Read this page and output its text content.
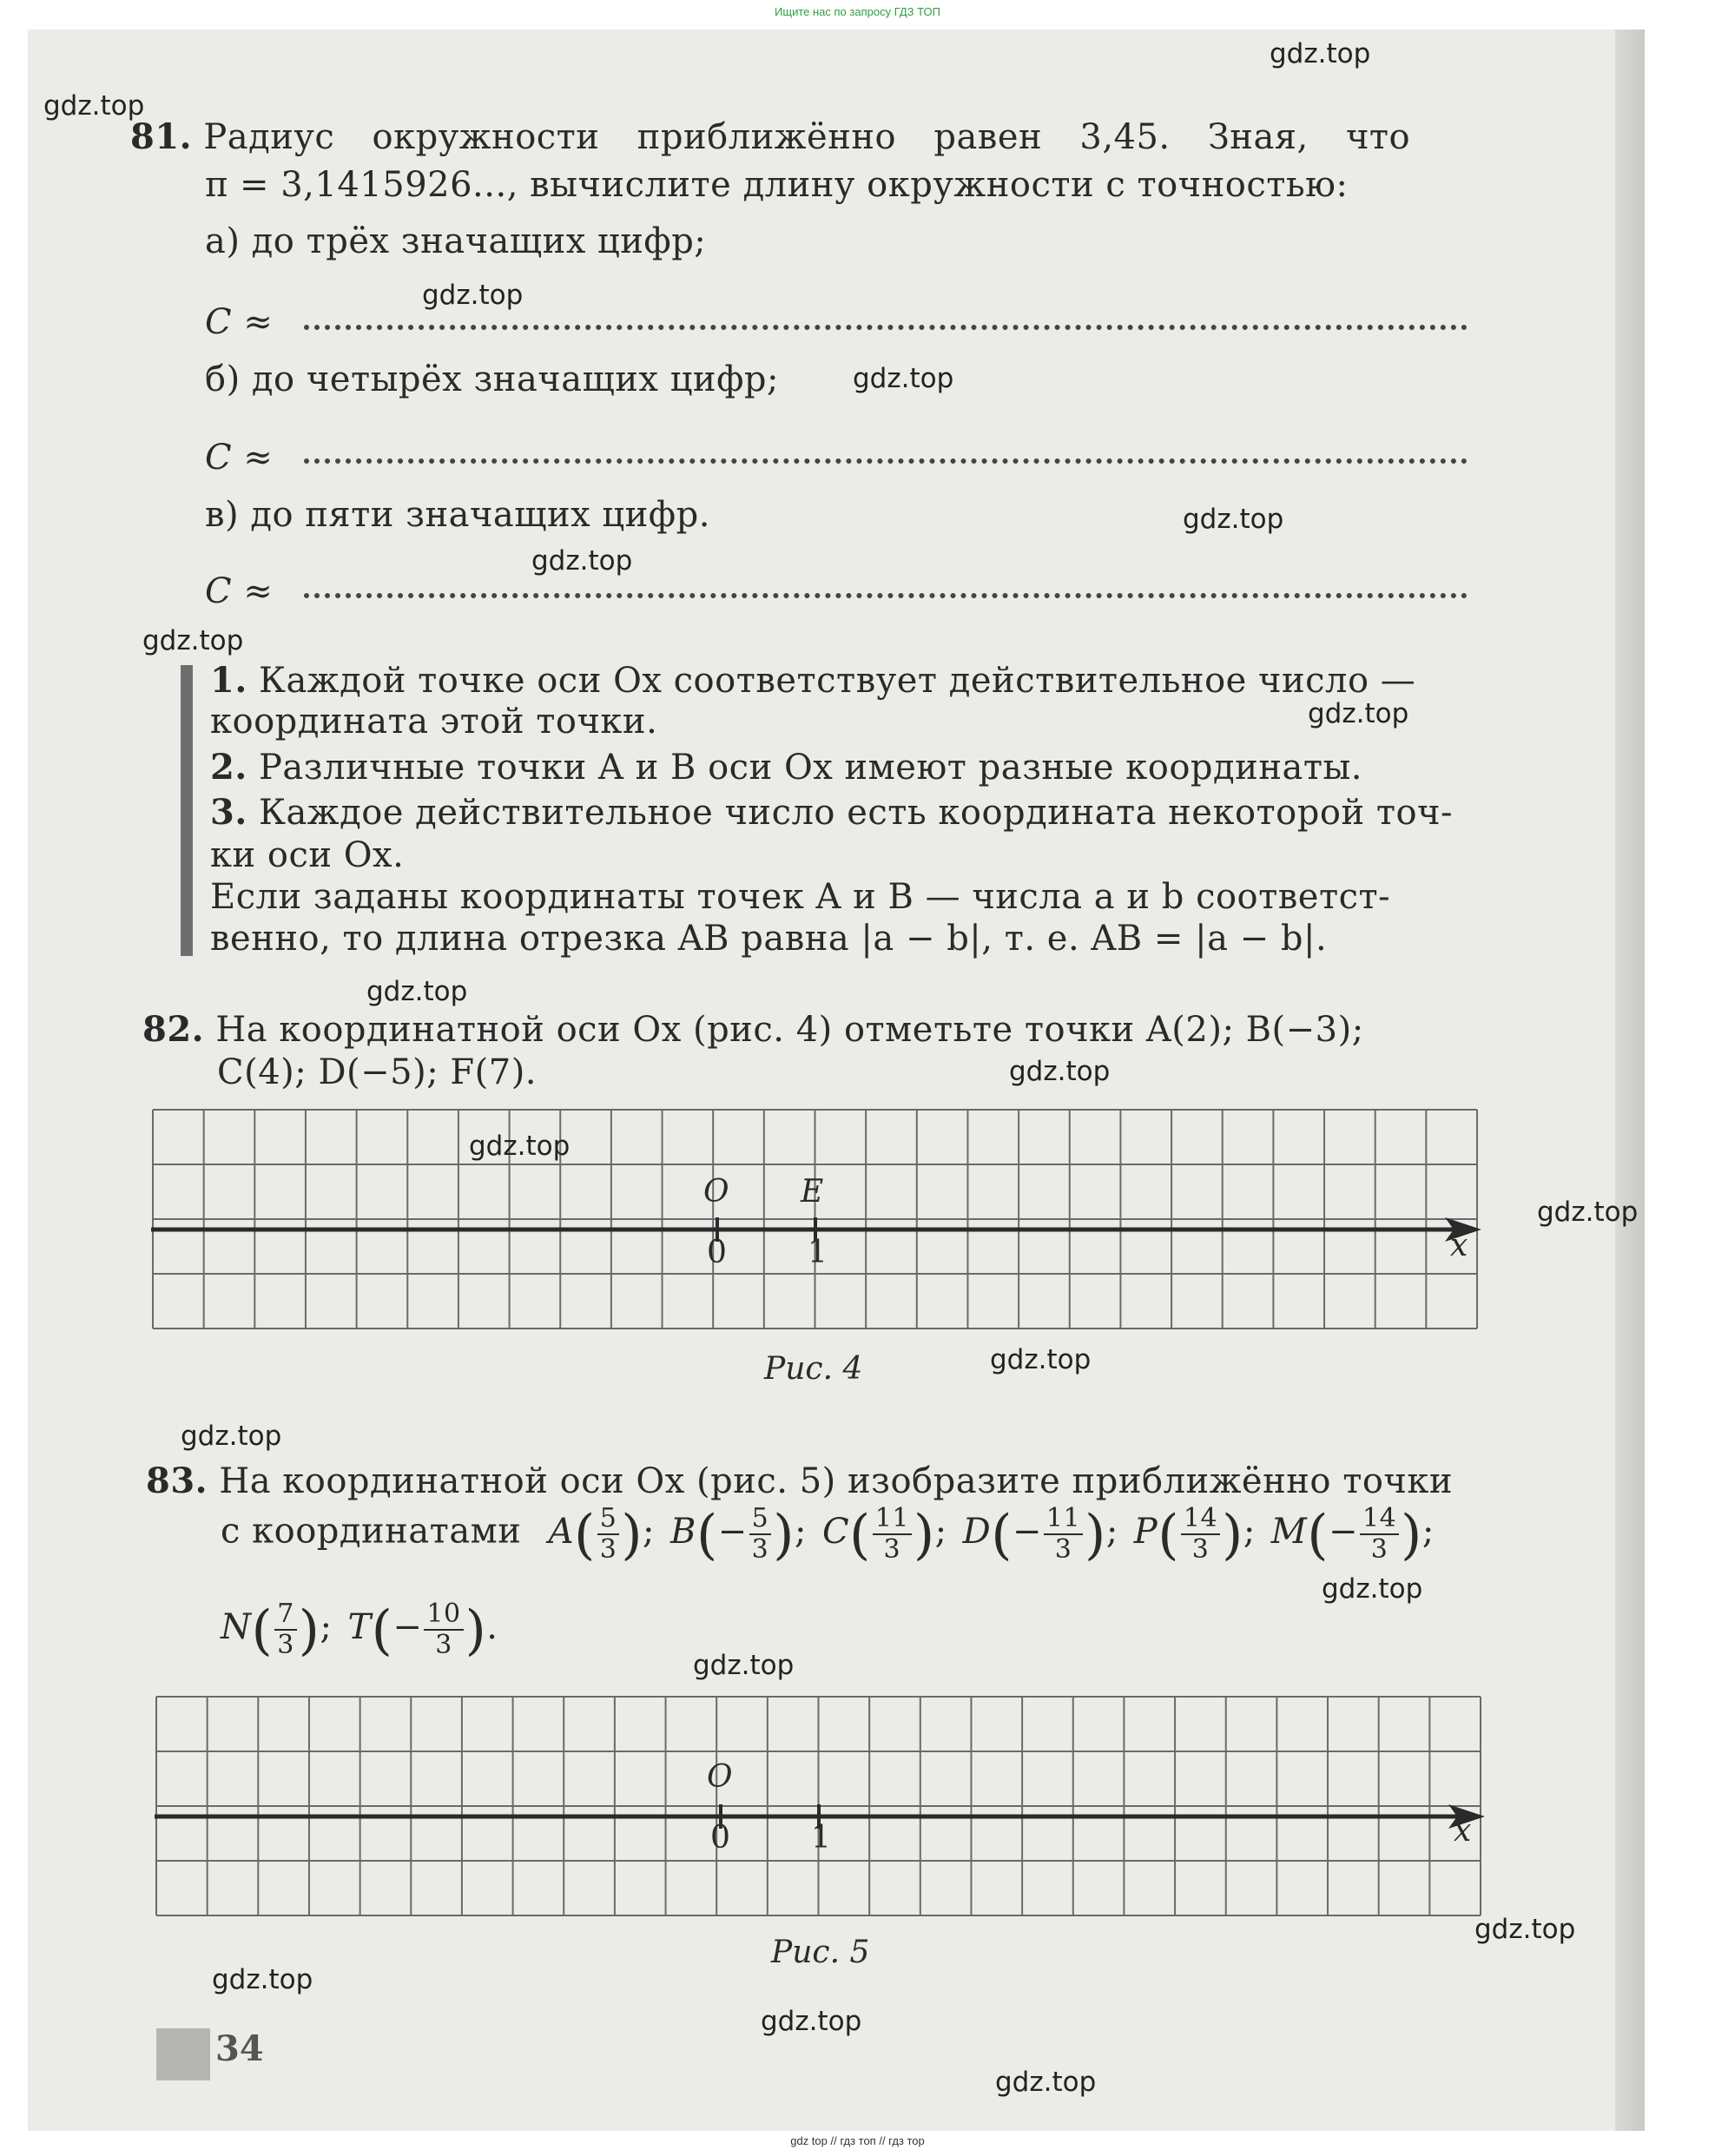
Ищите нас по запросу ГДЗ ТОП
81. Радиус окружности приближённо равен 3,45. Зная, что
π = 3,1415926..., вычислите длину окружности с точностью:
а) до трёх значащих цифр;
C ≈
б) до четырёх значащих цифр;
C ≈
в) до пяти значащих цифр.
C ≈
1. Каждой точке оси Ox соответствует действительное число —
координата этой точки.
2. Различные точки A и B оси Ox имеют разные координаты.
3. Каждое действительное число есть координата некоторой точ-
ки оси Ox.
Если заданы координаты точек A и B — числа a и b соответст-
венно, то длина отрезка AB равна |a − b|, т. е. AB = |a − b|.
82. На координатной оси Ox (рис. 4) отметьте точки A(2); B(−3);
C(4); D(−5); F(7).
O E
0	1	x
Рис. 4
83. На координатной оси Ox (рис. 5) изобразите приближённо точки
с координатами $A( \frac{5}{3}$ ); $B(- \frac{5}{3}$ ); $C( \frac{11}{3}$ ); $D(- \frac{11}{3}$ ); $P( \frac{14}{3}$ ); $M(- \frac{14}{3}$ );
$N( \frac{7}{3}$ ); $T(- \frac{10}{3}$ ).
O
0	1	x
Рис. 5
34
gdz.top
gdz.top
gdz.top
gdz.top
gdz.top
gdz.top
gdz.top
gdz.top
gdz.top
gdz.top
gdz.top
gdz.top
gdz.top
gdz.top
gdz.top
gdz.top
gdz.top
gdz.top
gdz.top
gdz.top
gdz top // гдз топ // гдз тор
